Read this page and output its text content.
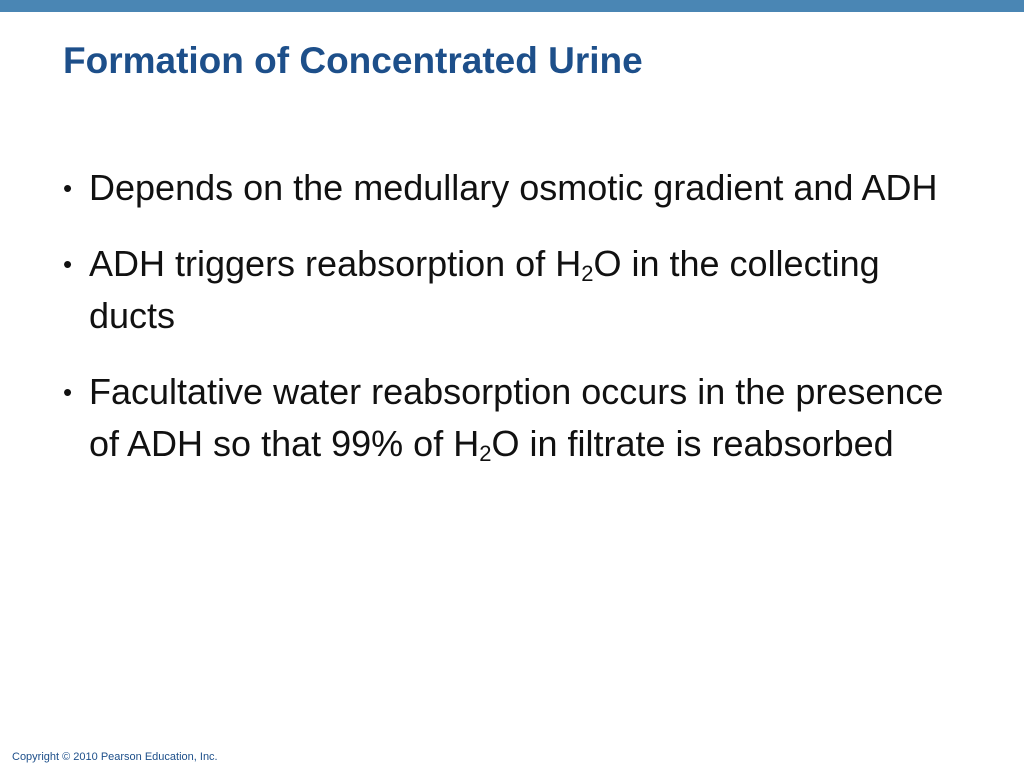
Formation of Concentrated Urine
• Depends on the medullary osmotic gradient and ADH
• ADH triggers reabsorption of $H_2O$ in the collecting ducts
• Facultative water reabsorption occurs in the presence of ADH so that 99% of $H_2O$ in filtrate is reabsorbed
Copyright © 2010 Pearson Education, Inc.
